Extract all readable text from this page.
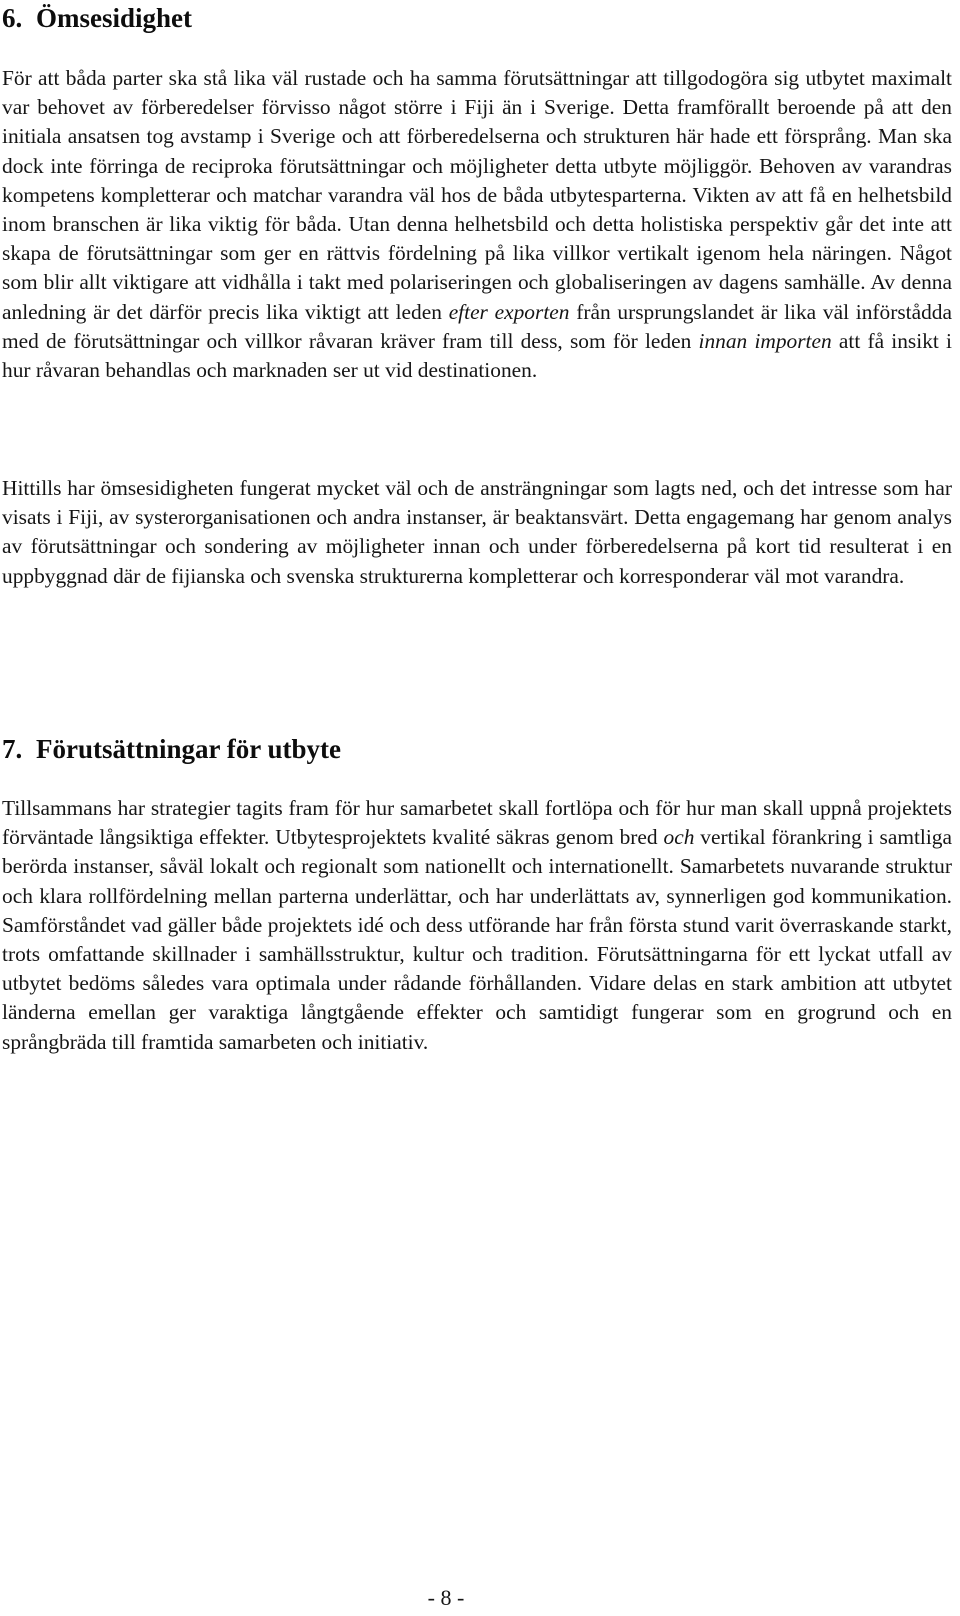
6. Ömsesidighet

För att båda parter ska stå lika väl rustade och ha samma förutsättningar att tillgodogöra sig utbytet maximalt var behovet av förberedelser förvisso något större i Fiji än i Sverige. Detta framförallt beroende på att den initiala ansatsen tog avstamp i Sverige och att förberedelserna och strukturen här hade ett försprång. Man ska dock inte förringa de reciproka förutsättningar och möjligheter detta utbyte möjliggör. Behoven av varandras kompetens kompletterar och matchar varandra väl hos de båda utbytesparterna. Vikten av att få en helhetsbild inom branschen är lika viktig för båda. Utan denna helhetsbild och detta holistiska perspektiv går det inte att skapa de förutsättningar som ger en rättvis fördelning på lika villkor vertikalt igenom hela näringen. Något som blir allt viktigare att vidhålla i takt med polariseringen och globaliseringen av dagens samhälle. Av denna anledning är det därför precis lika viktigt att leden efter exporten från ursprungslandet är lika väl införstådda med de förutsättningar och villkor råvaran kräver fram till dess, som för leden innan importen att få insikt i hur råvaran behandlas och marknaden ser ut vid destinationen.

Hittills har ömsesidigheten fungerat mycket väl och de ansträngningar som lagts ned, och det intresse som har visats i Fiji, av systerorganisationen och andra instanser, är beaktansvärt. Detta engagemang har genom analys av förutsättningar och sondering av möjligheter innan och under förberedelserna på kort tid resulterat i en uppbyggnad där de fijianska och svenska strukturerna kompletterar och korresponderar väl mot varandra.

7. Förutsättningar för utbyte

Tillsammans har strategier tagits fram för hur samarbetet skall fortlöpa och för hur man skall uppnå projektets förväntade långsiktiga effekter. Utbytesprojektets kvalité säkras genom bred och vertikal förankring i samtliga berörda instanser, såväl lokalt och regionalt som nationellt och internationellt. Samarbetets nuvarande struktur och klara rollfördelning mellan parterna underlättar, och har underlättats av, synnerligen god kommunikation. Samförståndet vad gäller både projektets idé och dess utförande har från första stund varit överraskande starkt, trots omfattande skillnader i samhällsstruktur, kultur och tradition. Förutsättningarna för ett lyckat utfall av utbytet bedöms således vara optimala under rådande förhållanden. Vidare delas en stark ambition att utbytet länderna emellan ger varaktiga långtgående effekter och samtidigt fungerar som en grogrund och en språngbräda till framtida samarbeten och initiativ.

- 8 -
